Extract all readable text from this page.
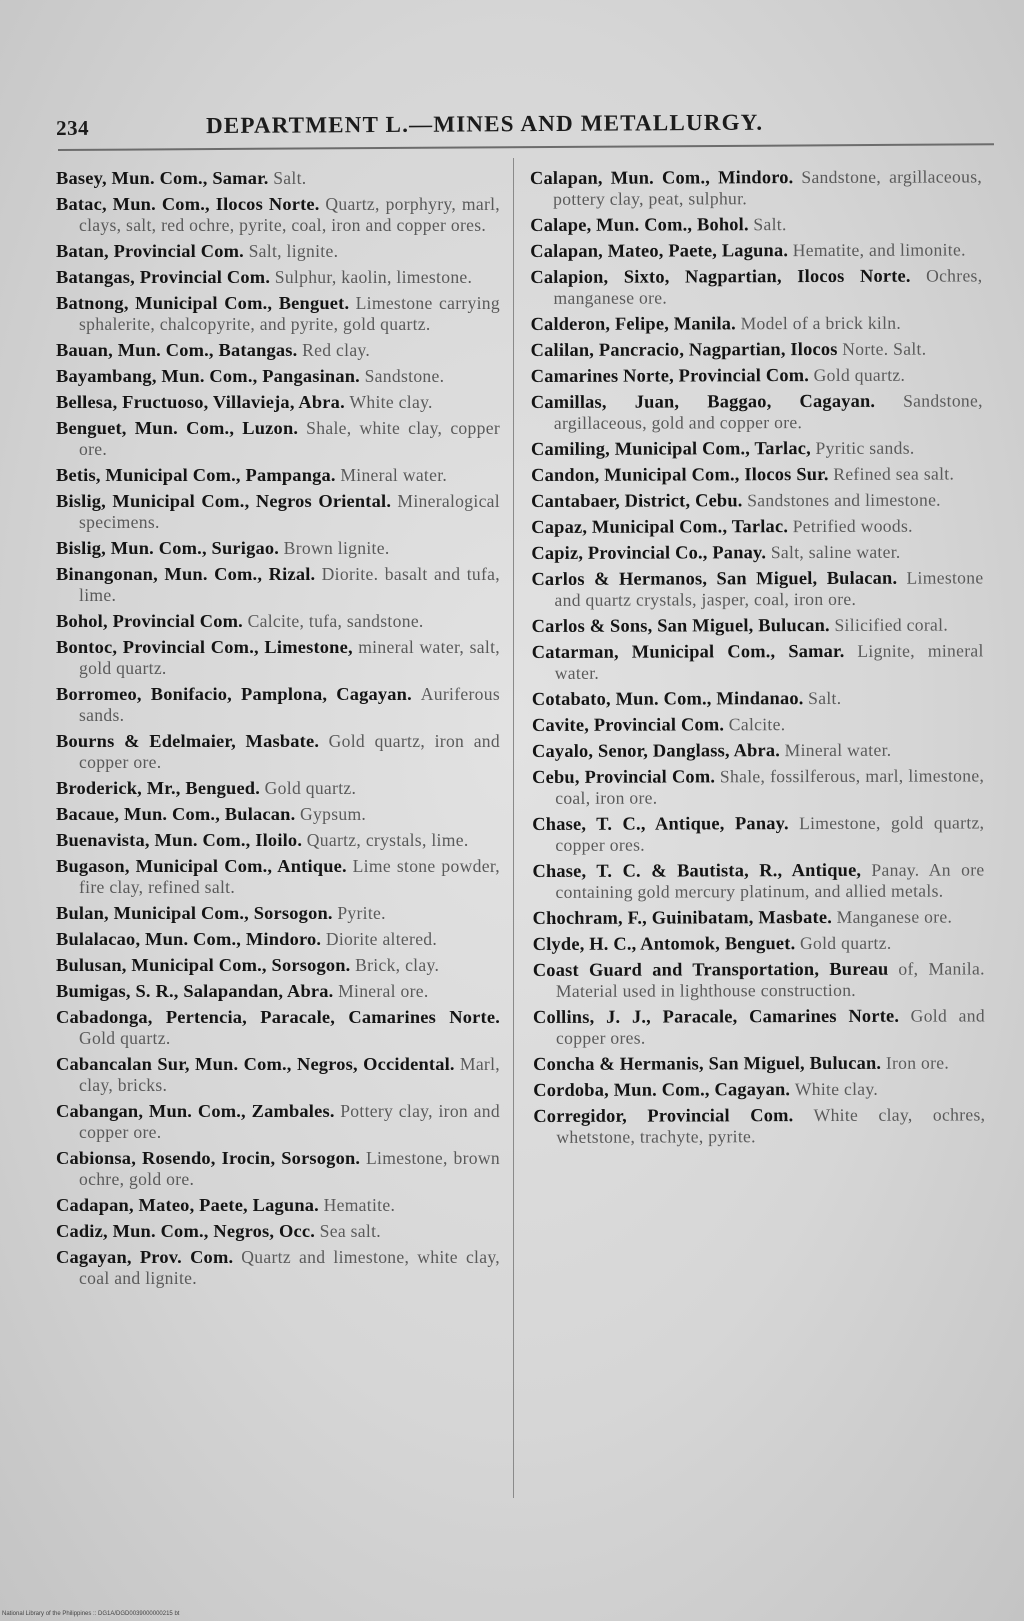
234	DEPARTMENT L.—MINES AND METALLURGY.
Basey, Mun. Com., Samar. Salt.
Batac, Mun. Com., Ilocos Norte. Quartz, porphyry, marl, clays, salt, red ochre, pyrite, coal, iron and copper ores.
Batan, Provincial Com. Salt, lignite.
Batangas, Provincial Com. Sulphur, kaolin, limestone.
Batnong, Municipal Com., Benguet. Limestone carrying sphalerite, chalcopyrite, and pyrite, gold quartz.
Bauan, Mun. Com., Batangas. Red clay.
Bayambang, Mun. Com., Pangasinan. Sandstone.
Bellesa, Fructuoso, Villavieja, Abra. White clay.
Benguet, Mun. Com., Luzon. Shale, white clay, copper ore.
Betis, Municipal Com., Pampanga. Mineral water.
Bislig, Municipal Com., Negros Oriental. Mineralogical specimens.
Bislig, Mun. Com., Surigao. Brown lignite.
Binangonan, Mun. Com., Rizal. Diorite. basalt and tufa, lime.
Bohol, Provincial Com. Calcite, tufa, sandstone.
Bontoc, Provincial Com., Limestone, mineral water, salt, gold quartz.
Borromeo, Bonifacio, Pamplona, Cagayan. Auriferous sands.
Bourns & Edelmaier, Masbate. Gold quartz, iron and copper ore.
Broderick, Mr., Bengued. Gold quartz.
Bacaue, Mun. Com., Bulacan. Gypsum.
Buenavista, Mun. Com., Iloilo. Quartz, crystals, lime.
Bugason, Municipal Com., Antique. Lime stone powder, fire clay, refined salt.
Bulan, Municipal Com., Sorsogon. Pyrite.
Bulalacao, Mun. Com., Mindoro. Diorite altered.
Bulusan, Municipal Com., Sorsogon. Brick, clay.
Bumigas, S. R., Salapandan, Abra. Mineral ore.
Cabadonga, Pertencia, Paracale, Camarines Norte. Gold quartz.
Cabancalan Sur, Mun. Com., Negros, Occidental. Marl, clay, bricks.
Cabangan, Mun. Com., Zambales. Pottery clay, iron and copper ore.
Cabionsa, Rosendo, Irocin, Sorsogon. Limestone, brown ochre, gold ore.
Cadapan, Mateo, Paete, Laguna. Hematite.
Cadiz, Mun. Com., Negros, Occ. Sea salt.
Cagayan, Prov. Com. Quartz and limestone, white clay, coal and lignite.
Calapan, Mun. Com., Mindoro. Sandstone, argillaceous, pottery clay, peat, sulphur.
Calape, Mun. Com., Bohol. Salt.
Calapan, Mateo, Paete, Laguna. Hematite, and limonite.
Calapion, Sixto, Nagpartian, Ilocos Norte. Ochres, manganese ore.
Calderon, Felipe, Manila. Model of a brick kiln.
Calilan, Pancracio, Nagpartian, Ilocos Norte. Salt.
Camarines Norte, Provincial Com. Gold quartz.
Camillas, Juan, Baggao, Cagayan. Sandstone, argillaceous, gold and copper ore.
Camiling, Municipal Com., Tarlac, Pyritic sands.
Candon, Municipal Com., Ilocos Sur. Refined sea salt.
Cantabaer, District, Cebu. Sandstones and limestone.
Capaz, Municipal Com., Tarlac. Petrified woods.
Capiz, Provincial Co., Panay. Salt, saline water.
Carlos & Hermanos, San Miguel, Bulacan. Limestone and quartz crystals, jasper, coal, iron ore.
Carlos & Sons, San Miguel, Bulucan. Silicified coral.
Catarman, Municipal Com., Samar. Lignite, mineral water.
Cotabato, Mun. Com., Mindanao. Salt.
Cavite, Provincial Com. Calcite.
Cayalo, Senor, Danglass, Abra. Mineral water.
Cebu, Provincial Com. Shale, fossilferous, marl, limestone, coal, iron ore.
Chase, T. C., Antique, Panay. Limestone, gold quartz, copper ores.
Chase, T. C. & Bautista, R., Antique, Panay. An ore containing gold mercury platinum, and allied metals.
Chochram, F., Guinibatam, Masbate. Manganese ore.
Clyde, H. C., Antomok, Benguet. Gold quartz.
Coast Guard and Transportation, Bureau of, Manila. Material used in lighthouse construction.
Collins, J. J., Paracale, Camarines Norte. Gold and copper ores.
Concha & Hermanis, San Miguel, Bulucan. Iron ore.
Cordoba, Mun. Com., Cagayan. White clay.
Corregidor, Provincial Com. White clay, ochres, whetstone, trachyte, pyrite.
National Library of the Philippines :: DG1A/DGD0039000000215 bt
